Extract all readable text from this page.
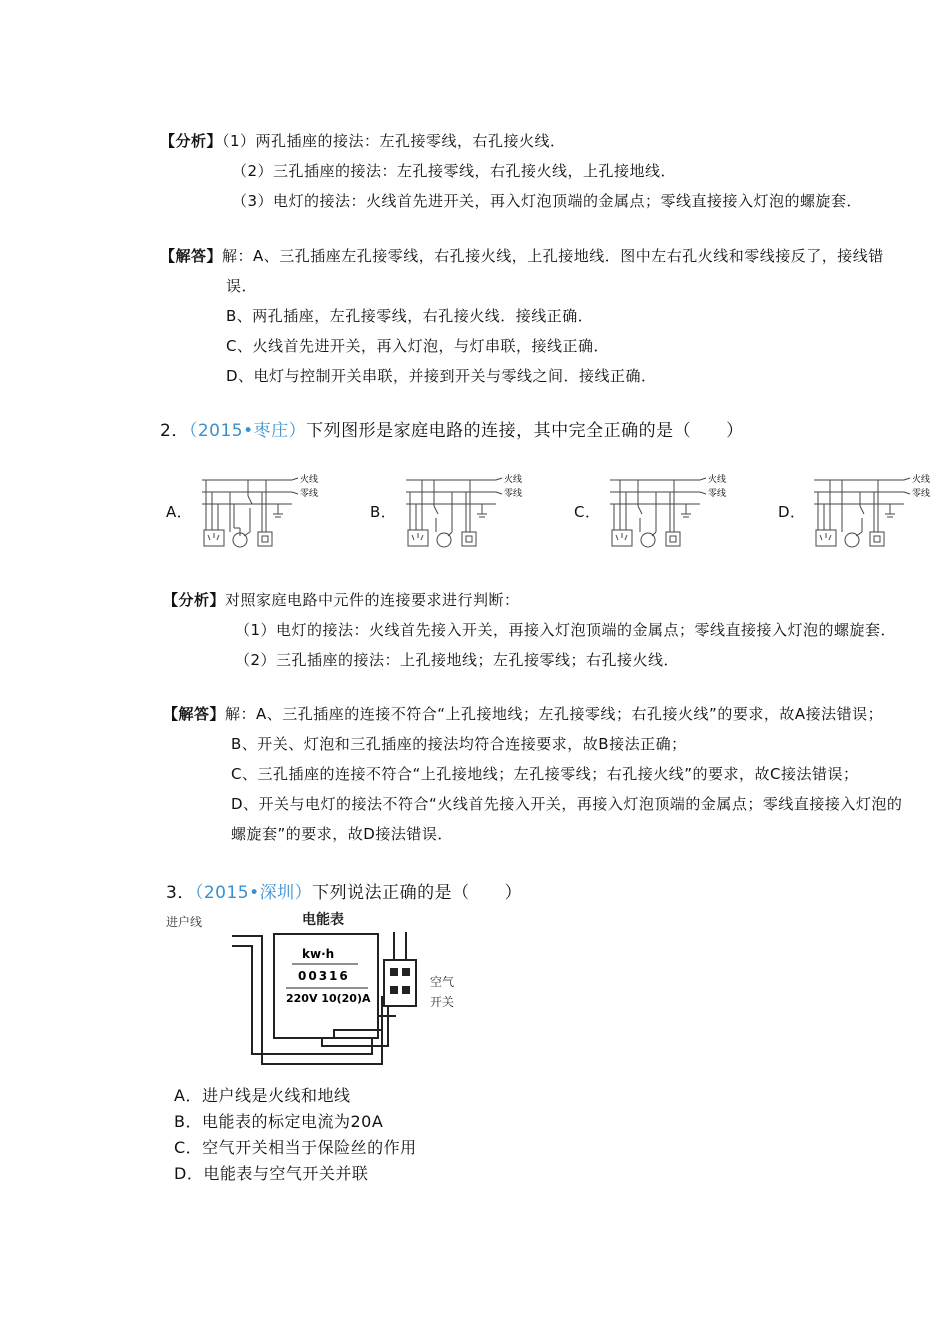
【分析】（1）两孔插座的接法：左孔接零线，右孔接火线．
（2）三孔插座的接法：左孔接零线，右孔接火线，上孔接地线．
（3）电灯的接法：火线首先进开关，再入灯泡顶端的金属点；零线直接接入灯泡的螺旋套．
【解答】解：A、三孔插座左孔接零线，右孔接火线，上孔接地线．图中左右孔火线和零线接反了，接线错
误．
B、两孔插座，左孔接零线，右孔接火线．接线正确．
C、火线首先进开关，再入灯泡，与灯串联，接线正确．
D、电灯与控制开关串联，并接到开关与零线之间．接线正确．
2．（2015•枣庄）下列图形是家庭电路的连接，其中完全正确的是（　　）
A．
火线
零线
B．
火线
零线
C．
火线
零线
D．
火线
零线
【分析】对照家庭电路中元件的连接要求进行判断：
（1）电灯的接法：火线首先接入开关，再接入灯泡顶端的金属点；零线直接接入灯泡的螺旋套．
（2）三孔插座的接法：上孔接地线；左孔接零线；右孔接火线．
【解答】解：A、三孔插座的连接不符合“上孔接地线；左孔接零线；右孔接火线”的要求，故A接法错误；
B、开关、灯泡和三孔插座的接法均符合连接要求，故B接法正确；
C、三孔插座的连接不符合“上孔接地线；左孔接零线；右孔接火线”的要求，故C接法错误；
D、开关与电灯的接法不符合“火线首先接入开关，再接入灯泡顶端的金属点；零线直接接入灯泡的
螺旋套”的要求，故D接法错误．
3．（2015•深圳）下列说法正确的是（　　）
进户线	电能表
kw·h
00316
220V 10(20)A
空气
开关
A．进户线是火线和地线
B．电能表的标定电流为20A
C．空气开关相当于保险丝的作用
D．电能表与空气开关并联
